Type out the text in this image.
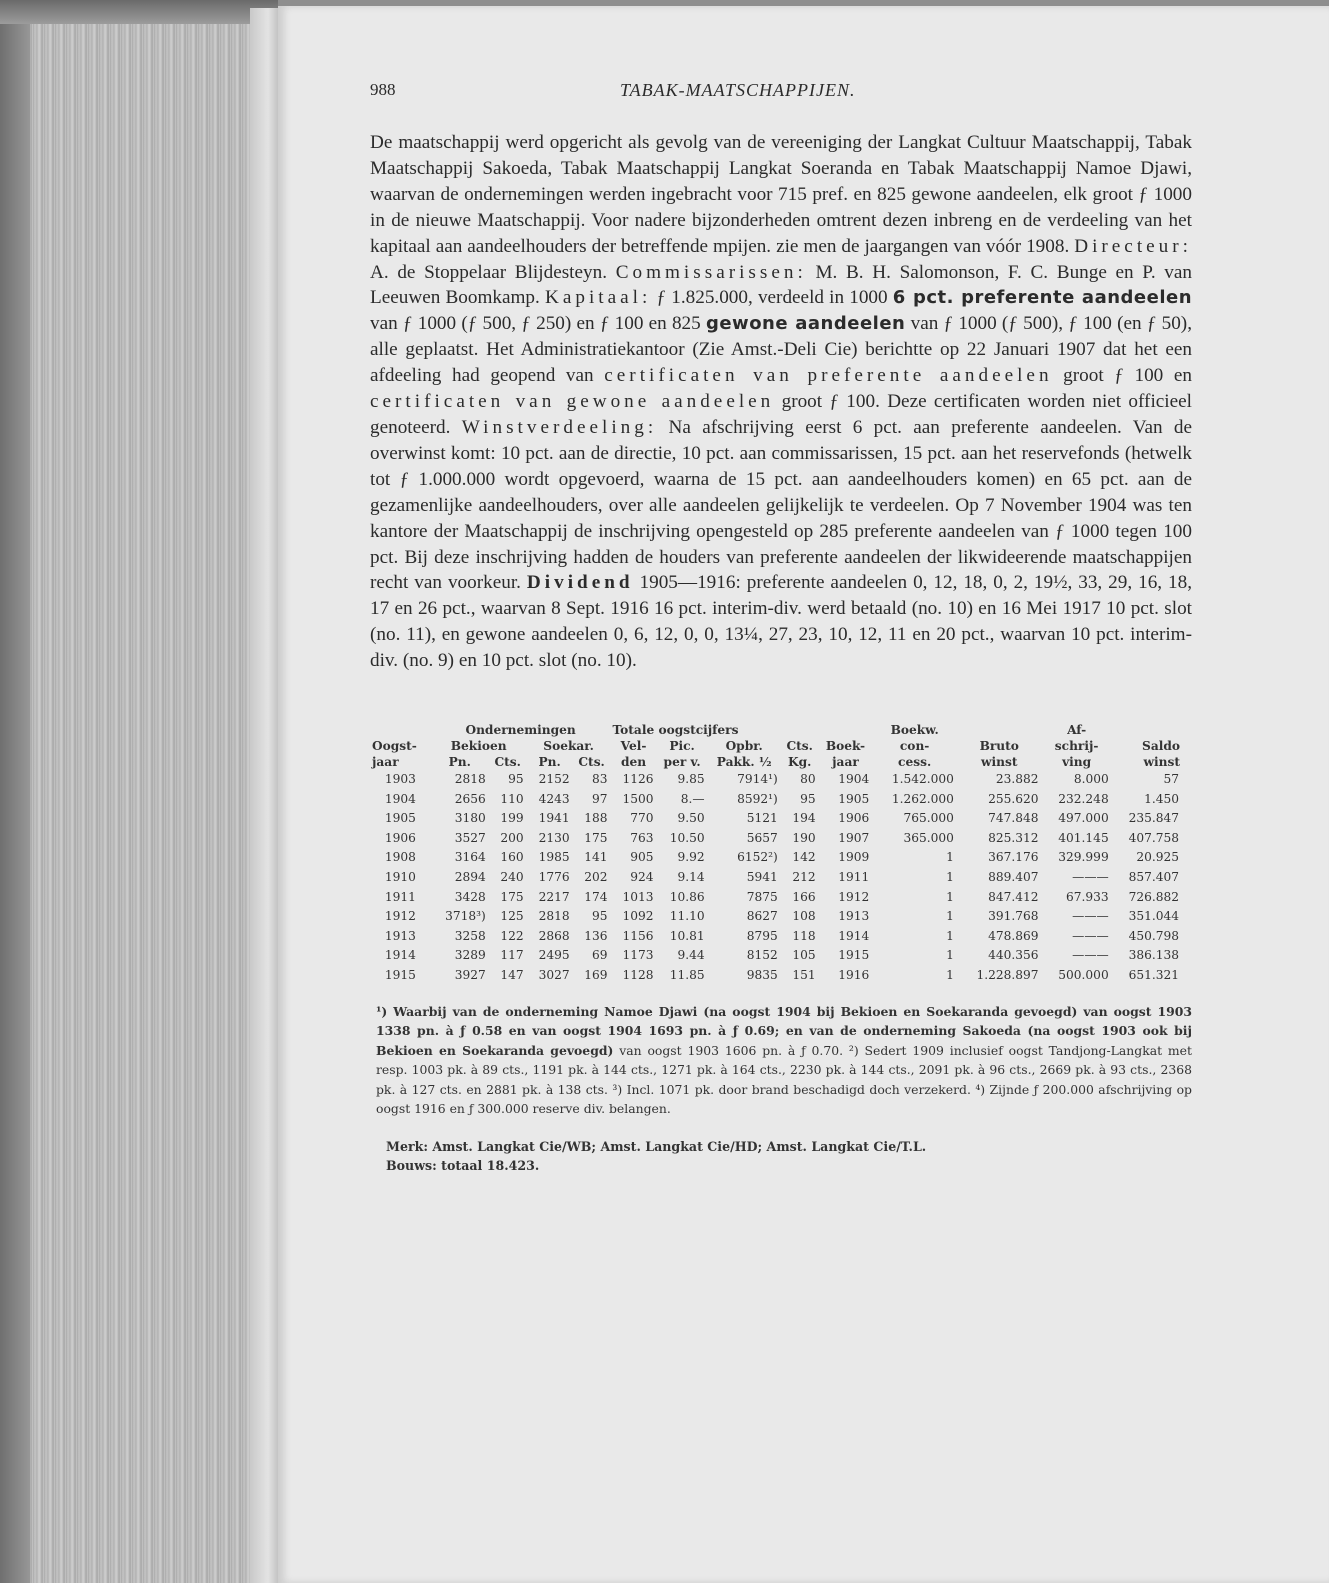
988	TABAK-MAATSCHAPPIJEN.
De maatschappij werd opgericht als gevolg van de vereeniging der Langkat Cultuur Maatschappij, Tabak Maatschappij Sakoeda, Tabak Maatschappij Langkat Soeranda en Tabak Maatschappij Namoe Djawi, waarvan de ondernemingen werden ingebracht voor 715 pref. en 825 gewone aandeelen, elk groot ƒ 1000 in de nieuwe Maatschappij. Voor nadere bijzonderheden omtrent dezen inbreng en de verdeeling van het kapitaal aan aandeelhouders der betreffende mpijen. zie men de jaargangen van vóór 1908. Directeur: A. de Stoppelaar Blijdesteyn. Commissarissen: M. B. H. Salomonson, F. C. Bunge en P. van Leeuwen Boomkamp. Kapitaal: ƒ 1.825.000, verdeeld in 1000 6 pct. preferente aandeelen van ƒ 1000 (ƒ 500, ƒ 250) en ƒ 100 en 825 gewone aandeelen van ƒ 1000 (ƒ 500), ƒ 100 (en ƒ 50), alle geplaatst. Het Administratiekantoor (Zie Amst.-Deli Cie) berichtte op 22 Januari 1907 dat het een afdeeling had geopend van certificaten van preferente aandeelen groot ƒ 100 en certificaten van gewone aandeelen groot ƒ 100. Deze certificaten worden niet officieel genoteerd. Winstverdeeling: Na afschrijving eerst 6 pct. aan preferente aandeelen. Van de overwinst komt: 10 pct. aan de directie, 10 pct. aan commissarissen, 15 pct. aan het reservefonds (hetwelk tot ƒ 1.000.000 wordt opgevoerd, waarna de 15 pct. aan aandeelhouders komen) en 65 pct. aan de gezamenlijke aandeelhouders, over alle aandeelen gelijkelijk te verdeelen. Op 7 November 1904 was ten kantore der Maatschappij de inschrijving opengesteld op 285 preferente aandeelen van ƒ 1000 tegen 100 pct. Bij deze inschrijving hadden de houders van preferente aandeelen der likwideerende maatschappijen recht van voorkeur. Dividend 1905—1916: preferente aandeelen 0, 12, 18, 0, 2, 19½, 33, 29, 16, 18, 17 en 26 pct., waarvan 8 Sept. 1916 16 pct. interim-div. werd betaald (no. 10) en 16 Mei 1917 10 pct. slot (no. 11), en gewone aandeelen 0, 6, 12, 0, 0, 13¼, 27, 23, 10, 12, 11 en 20 pct., waarvan 10 pct. interim-div. (no. 9) en 10 pct. slot (no. 10).
	Ondernemingen				Totale oogstcijfers					Boekw.		Af-	
Oogst-	Bekioen		Soekar.		Vel-	Pic.	Opbr.	Cts.	Boek-	con-	Bruto	schrij-	Saldo
jaar	Pn.	Cts.	Pn.	Cts.	den	per v.	Pakk. ½	Kg.	jaar	cess.	winst	ving	winst
1903	2818	95	2152	83	1126	9.85	7914¹)	80	1904	1.542.000	23.882	8.000	57
1904	2656	110	4243	97	1500	8.—	8592¹)	95	1905	1.262.000	255.620	232.248	1.450
1905	3180	199	1941	188	770	9.50	5121	194	1906	765.000	747.848	497.000	235.847
1906	3527	200	2130	175	763	10.50	5657	190	1907	365.000	825.312	401.145	407.758
1908	3164	160	1985	141	905	9.92	6152²)	142	1909	1	367.176	329.999	20.925
1910	2894	240	1776	202	924	9.14	5941	212	1911	1	889.407	———	857.407
1911	3428	175	2217	174	1013	10.86	7875	166	1912	1	847.412	67.933	726.882
1912	3718³)	125	2818	95	1092	11.10	8627	108	1913	1	391.768	———	351.044
1913	3258	122	2868	136	1156	10.81	8795	118	1914	1	478.869	———	450.798
1914	3289	117	2495	69	1173	9.44	8152	105	1915	1	440.356	———	386.138
1915	3927	147	3027	169	1128	11.85	9835	151	1916	1	1.228.897	500.000	651.321
¹) Waarbij van de onderneming Namoe Djawi (na oogst 1904 bij Bekioen en Soekaranda gevoegd) van oogst 1903 1338 pn. à ƒ 0.58 en van oogst 1904 1693 pn. à ƒ 0.69; en van de onderneming Sakoeda (na oogst 1903 ook bij Bekioen en Soekaranda gevoegd) van oogst 1903 1606 pn. à ƒ 0.70. ²) Sedert 1909 inclusief oogst Tandjong-Langkat met resp. 1003 pk. à 89 cts., 1191 pk. à 144 cts., 1271 pk. à 164 cts., 2230 pk. à 144 cts., 2091 pk. à 96 cts., 2669 pk. à 93 cts., 2368 pk. à 127 cts. en 2881 pk. à 138 cts. ³) Incl. 1071 pk. door brand beschadigd doch verzekerd. ⁴) Zijnde ƒ 200.000 afschrijving op oogst 1916 en ƒ 300.000 reserve div. belangen.
Merk: Amst. Langkat Cie/WB; Amst. Langkat Cie/HD; Amst. Langkat Cie/T.L.
Bouws: totaal 18.423.
